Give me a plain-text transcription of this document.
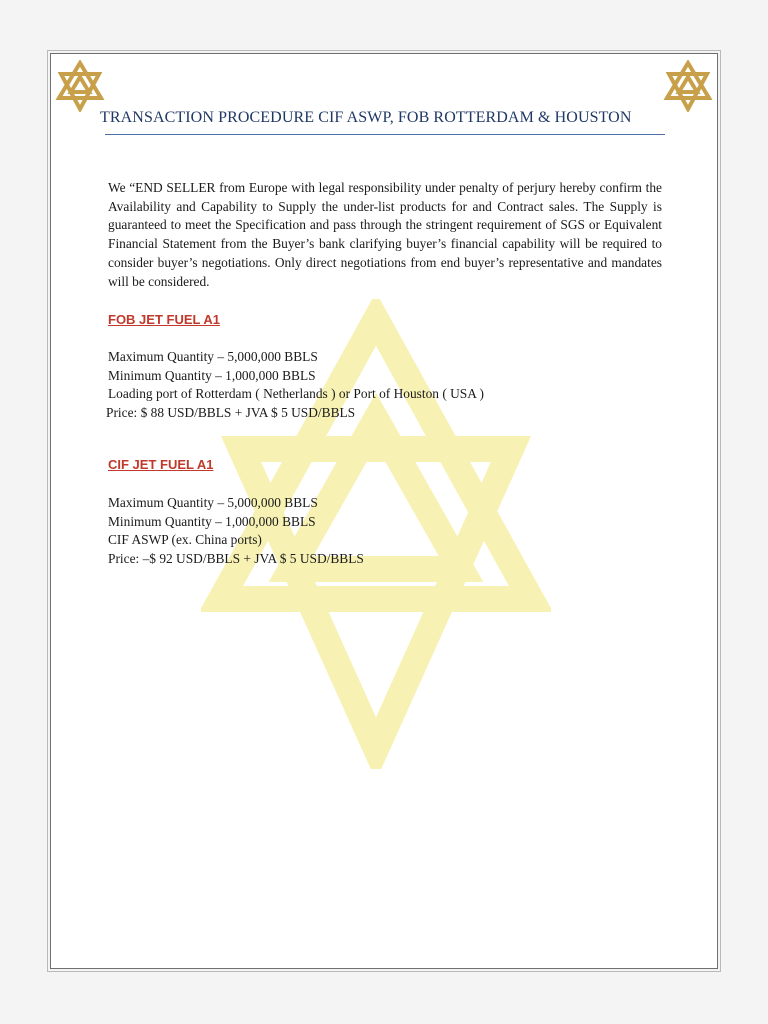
TRANSACTION PROCEDURE CIF ASWP, FOB ROTTERDAM & HOUSTON
We “END SELLER from Europe with legal responsibility under penalty of perjury hereby confirm the Availability and Capability to Supply the under-list products for and Contract sales. The Supply is guaranteed to meet the Specification and pass through the stringent requirement of SGS or Equivalent Financial Statement from the Buyer’s bank clarifying buyer’s financial capability will be required to consider buyer’s negotiations. Only direct negotiations from end buyer’s representative and mandates will be considered.
FOB JET FUEL A1
Maximum Quantity – 5,000,000 BBLS
Minimum Quantity – 1,000,000 BBLS
Loading port of Rotterdam ( Netherlands ) or Port of Houston ( USA )
Price: $ 88 USD/BBLS + JVA $ 5 USD/BBLS
CIF JET FUEL A1
Maximum Quantity – 5,000,000 BBLS
Minimum Quantity – 1,000,000 BBLS
CIF ASWP (ex. China ports)
Price: –$ 92 USD/BBLS + JVA $ 5 USD/BBLS
